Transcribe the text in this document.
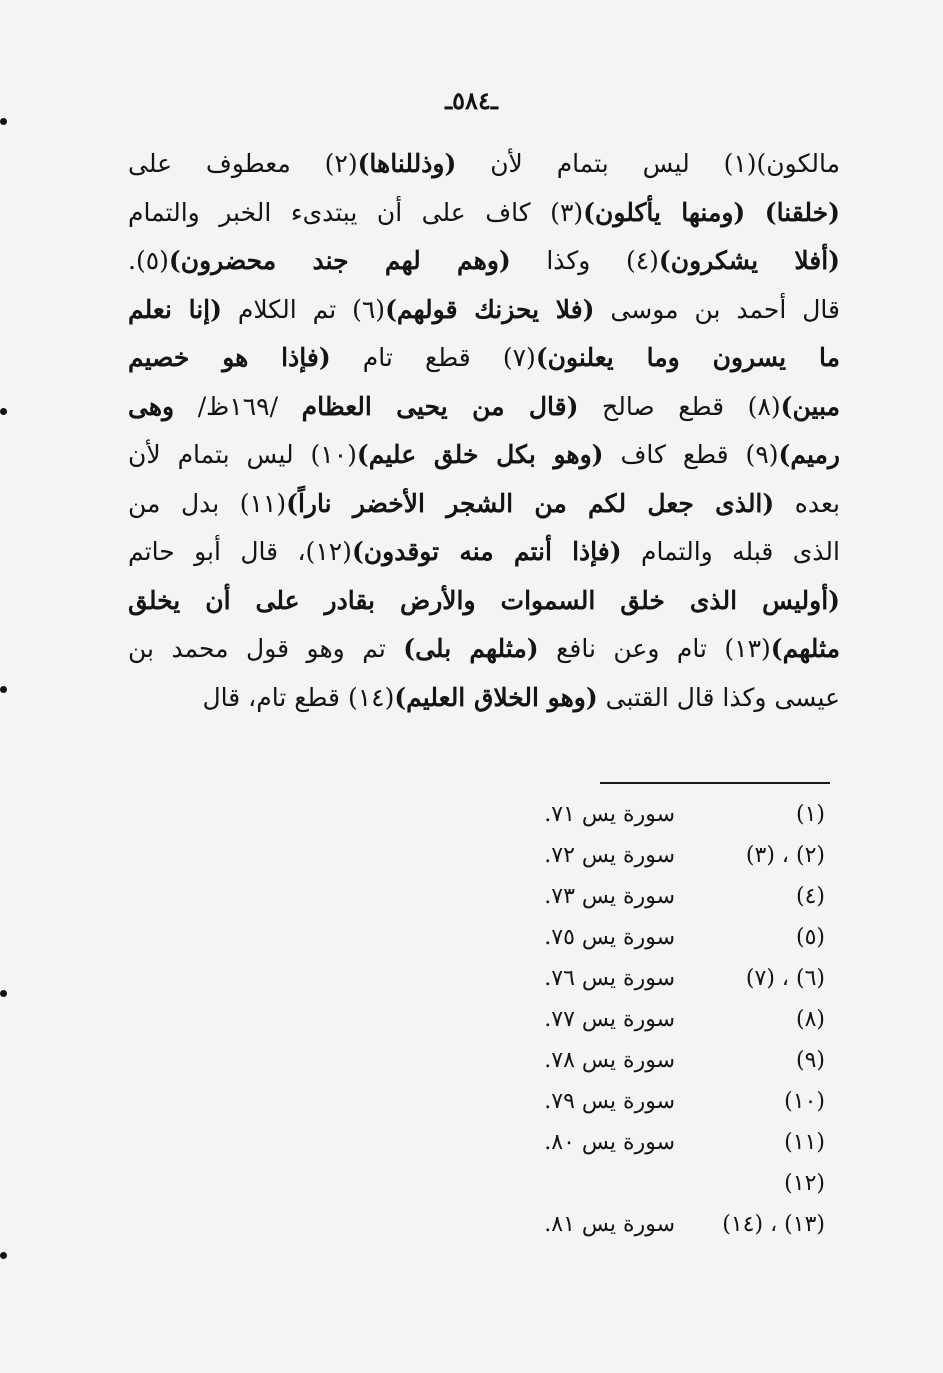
ـ٥٨٤ـ
مالكون)(١) ليس بتمام لأن (وذللناها)(٢) معطوف على
(خلقنا) (ومنها يأكلون)(٣) كاف على أن يبتدىء الخبر والتمام
(أفلا يشكرون)(٤) وكذا (وهم لهم جند محضرون)(٥).
قال أحمد بن موسى (فلا يحزنك قولهم)(٦) تم الكلام (إنا نعلم
ما يسرون وما يعلنون)(٧) قطع تام (فإذا هو خصيم
مبين)(٨) قطع صالح (قال من يحيى العظام /١٦٩ظ/ وهى
رميم)(٩) قطع كاف (وهو بكل خلق عليم)(١٠) ليس بتمام لأن
بعده (الذى جعل لكم من الشجر الأخضر ناراً)(١١) بدل من
الذى قبله والتمام (فإذا أنتم منه توقدون)(١٢)، قال أبو حاتم
(أوليس الذى خلق السموات والأرض بقادر على أن يخلق
مثلهم)(١٣) تام وعن نافع (مثلهم بلى) تم وهو قول محمد بن
عيسى وكذا قال القتبى (وهو الخلاق العليم)(١٤) قطع تام، قال
(١)
سورة يس ٧١.
(٢) ، (٣)
سورة يس ٧٢.
(٤)
سورة يس ٧٣.
(٥)
سورة يس ٧٥.
(٦) ، (٧)
سورة يس ٧٦.
(٨)
سورة يس ٧٧.
(٩)
سورة يس ٧٨.
(١٠)
سورة يس ٧٩.
(١١)
سورة يس ٨٠.
(١٢)
(١٣) ، (١٤)
سورة يس ٨١.
